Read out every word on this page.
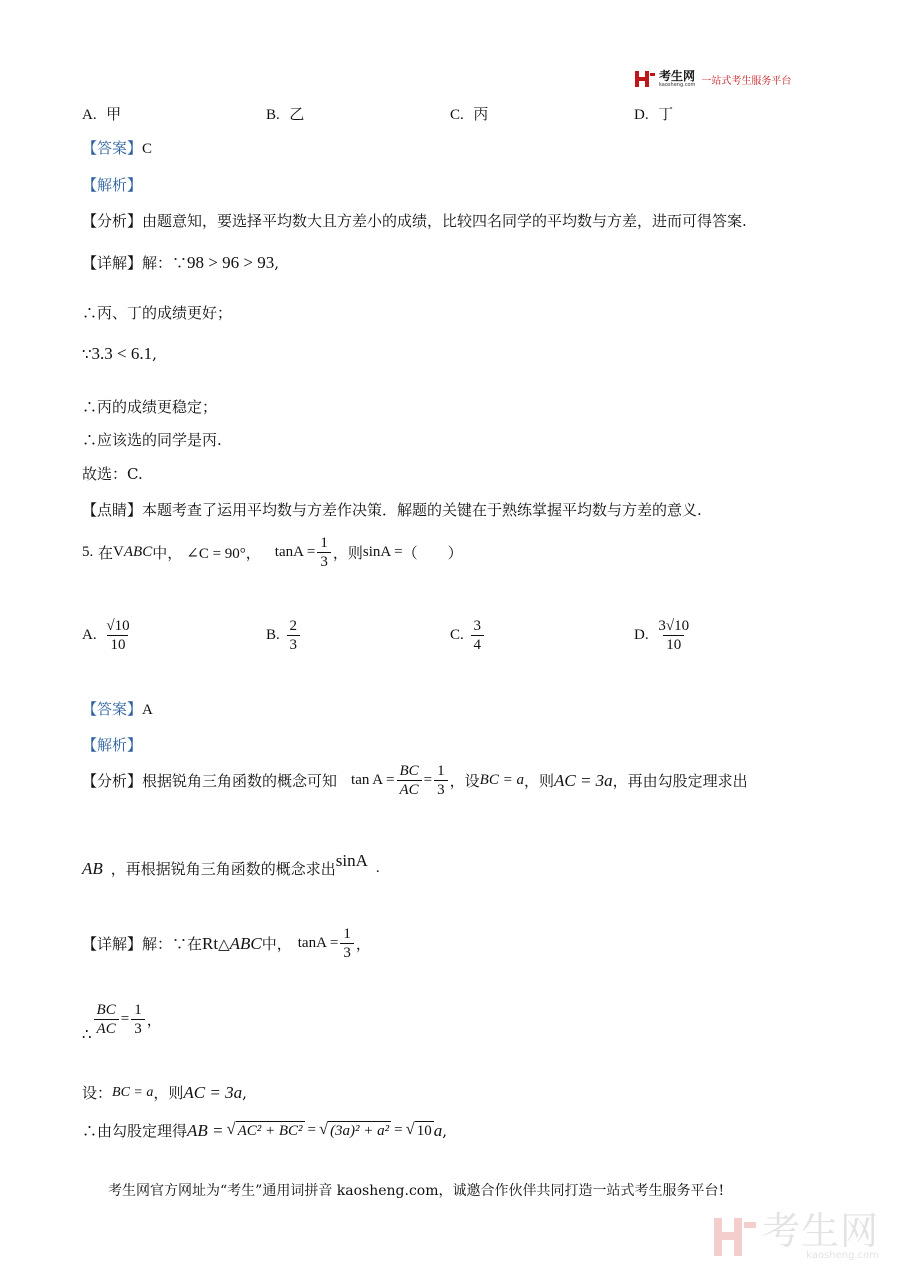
考生网
kaosheng.com 一站式考生服务平台
A. 甲	B. 乙	C. 丙	D. 丁
【答案】C
【解析】
【分析】由题意知，要选择平均数大且方差小的成绩，比较四名同学的平均数与方差，进而可得答案.
【详解】解：∵98 > 96 > 93,
∴丙、丁的成绩更好；
∵3.3 < 6.1,
∴丙的成绩更稳定；
∴应该选的同学是丙.
故选：C.
【点睛】本题考查了运用平均数与方差作决策．解题的关键在于熟练掌握平均数与方差的意义.
5.
在 V ABC 中， ∠C = 90°， $\tan A = \frac{1}{3}$ ，则 sinA = （　　）
A.
$\frac{√10}{10}$	B.
$\frac{2}{3}$	C.
$\frac{3}{4}$	D.
$\frac{3√10}{10}$
【答案】A
【解析】
【分析】 根据锐角三角函数的概念可知 $\tan A = \frac{BC}{AC} = \frac{1}{3}$ ，设 BC = a ，则 AC = 3a ，再由勾股定理求出
AB ，再根据锐角三角函数的概念求出 sinA .
【详解】 解：∵在 Rt △ ABC 中， $\tan A = \frac{1}{3}$ ，
∴ $\frac{BC}{AC} = \frac{1}{3}$ ，
设： BC = a ，则 AC = 3a ,
∴由勾股定理得 AB = √ AC² + BC² = √ (3a)² + a² = √ 10 a ,
考生网官方网址为“考生”通用词拼音 kaosheng.com，诚邀合作伙伴共同打造一站式考生服务平台!
考生网
kaosheng.com
